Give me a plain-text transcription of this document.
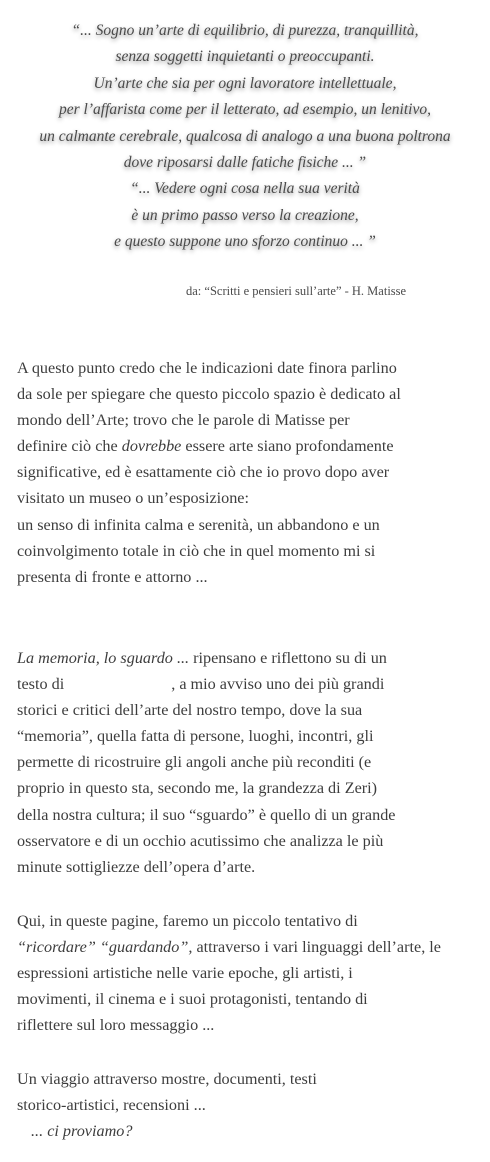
“... Sogno un’arte di equilibrio, di purezza, tranquillità,
senza soggetti inquietanti o preoccupanti.
Un’arte che sia per ogni lavoratore intellettuale,
per l’affarista come per il letterato, ad esempio, un lenitivo,
un calmante cerebrale, qualcosa di analogo a una buona poltrona
dove riposarsi dalle fatiche fisiche ... ”
“... Vedere ogni cosa nella sua verità
è un primo passo verso la creazione,
e questo suppone uno sforzo continuo ... ”
da: “Scritti e pensieri sull’arte” - H. Matisse
A questo punto credo che le indicazioni date finora parlino
da sole per spiegare che questo piccolo spazio è dedicato al
mondo dell’Arte; trovo che le parole di Matisse per
definire ciò che dovrebbe essere arte siano profondamente
significative, ed è esattamente ciò che io provo dopo aver
visitato un museo o un’esposizione:
un senso di infinita calma e serenità, un abbandono e un
coinvolgimento totale in ciò che in quel momento mi si
presenta di fronte e attorno ...
La memoria, lo sguardo ... ripensano e riflettono su di un
testo di	, a mio avviso uno dei più grandi
storici e critici dell’arte del nostro tempo, dove la sua
“memoria”, quella fatta di persone, luoghi, incontri, gli
permette di ricostruire gli angoli anche più reconditi (e
proprio in questo sta, secondo me, la grandezza di Zeri)
della nostra cultura; il suo “sguardo” è quello di un grande
osservatore e di un occhio acutissimo che analizza le più
minute sottigliezze dell’opera d’arte.
Qui, in queste pagine, faremo un piccolo tentativo di
“ricordare” “guardando”, attraverso i vari linguaggi dell’arte, le
espressioni artistiche nelle varie epoche, gli artisti, i
movimenti, il cinema e i suoi protagonisti, tentando di
riflettere sul loro messaggio ...
Un viaggio attraverso mostre, documenti, testi
storico-artistici, recensioni ...
... ci proviamo?
